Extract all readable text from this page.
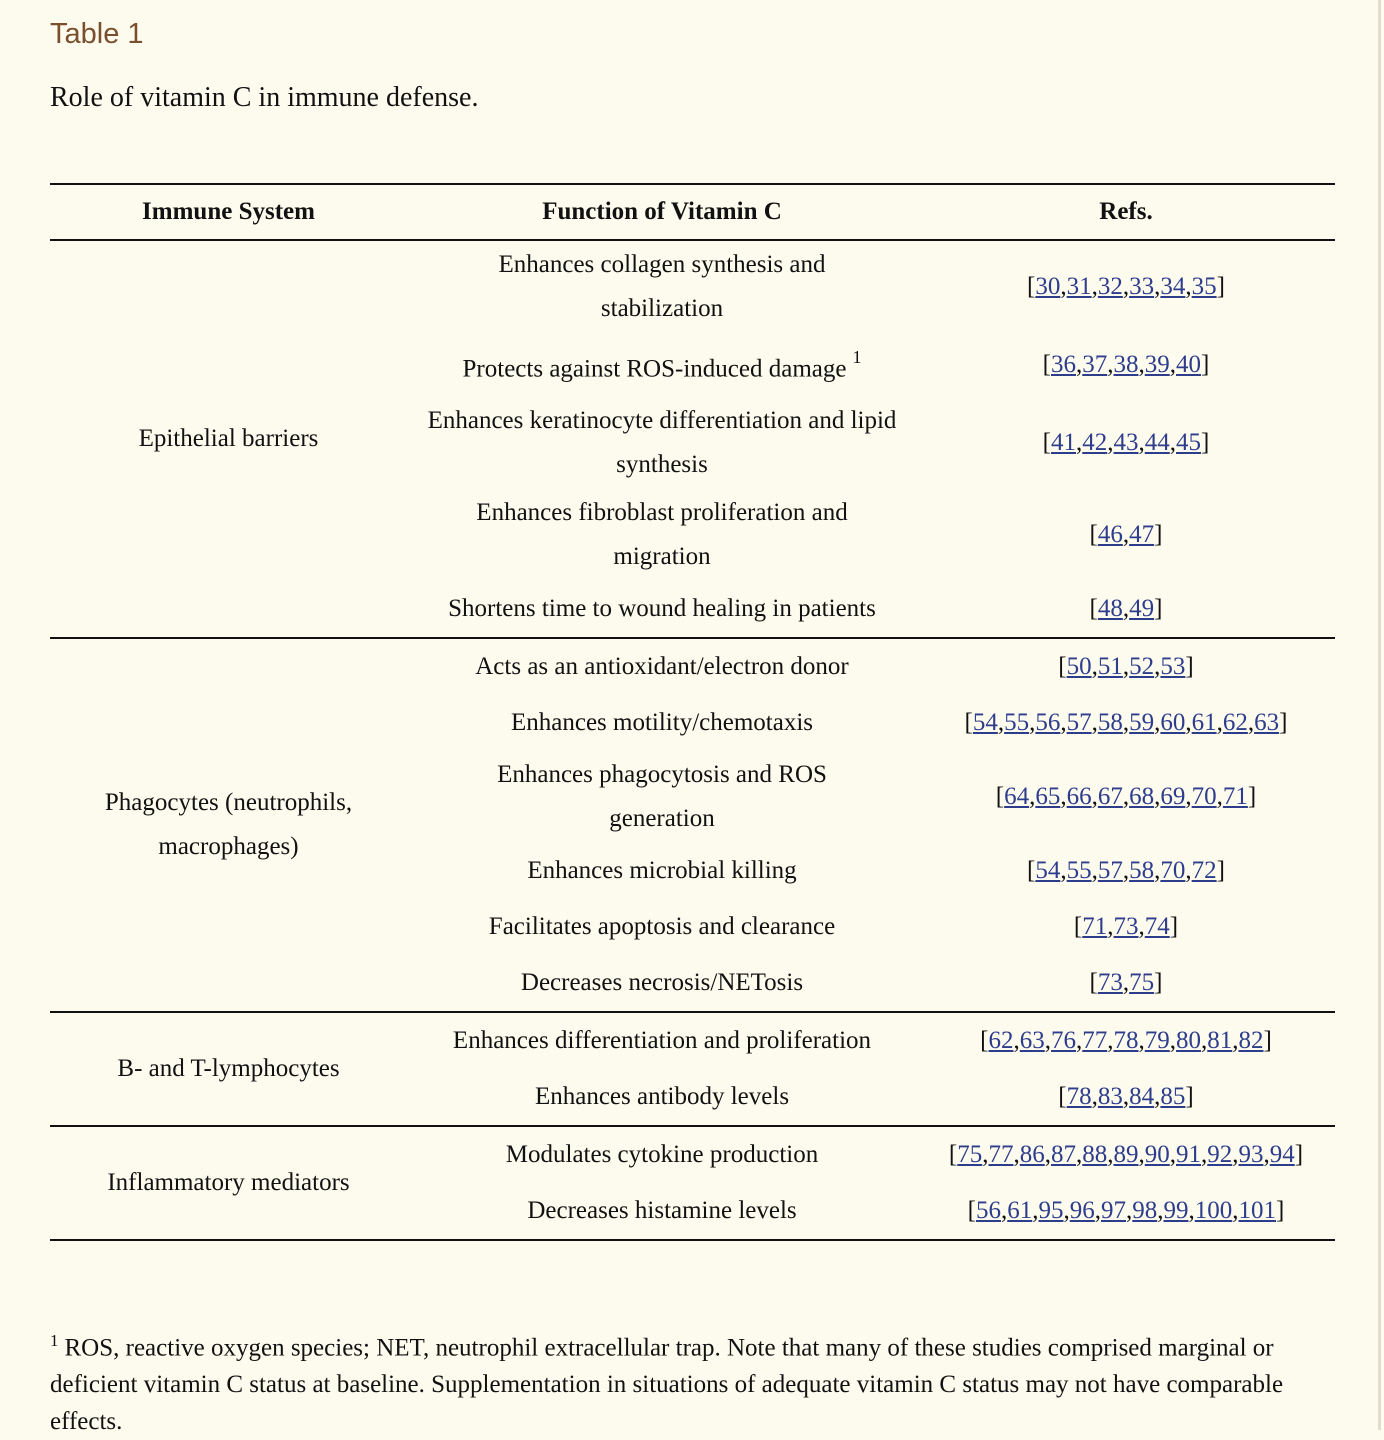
Table 1
Role of vitamin C in immune defense.
Immune System	Function of Vitamin C	Refs.
Epithelial barriers	Enhances collagen synthesis and stabilization	[30,31,32,33,34,35]
	Protects against ROS-induced damage $^1$	[36,37,38,39,40]
	Enhances keratinocyte differentiation and lipid synthesis	[41,42,43,44,45]
	Enhances fibroblast proliferation and migration	[46,47]
	Shortens time to wound healing in patients	[48,49]
Phagocytes (neutrophils, macrophages)	Acts as an antioxidant/electron donor	[50,51,52,53]
	Enhances motility/chemotaxis	[54,55,56,57,58,59,60,61,62,63]
	Enhances phagocytosis and ROS generation	[64,65,66,67,68,69,70,71]
	Enhances microbial killing	[54,55,57,58,70,72]
	Facilitates apoptosis and clearance	[71,73,74]
	Decreases necrosis/NETosis	[73,75]
B- and T-lymphocytes	Enhances differentiation and proliferation	[62,63,76,77,78,79,80,81,82]
	Enhances antibody levels	[78,83,84,85]
Inflammatory mediators	Modulates cytokine production	[75,77,86,87,88,89,90,91,92,93,94]
	Decreases histamine levels	[56,61,95,96,97,98,99,100,101]
$^1$ ROS, reactive oxygen species; NET, neutrophil extracellular trap. Note that many of these studies comprised marginal or deficient vitamin C status at baseline. Supplementation in situations of adequate vitamin C status may not have comparable effects.
